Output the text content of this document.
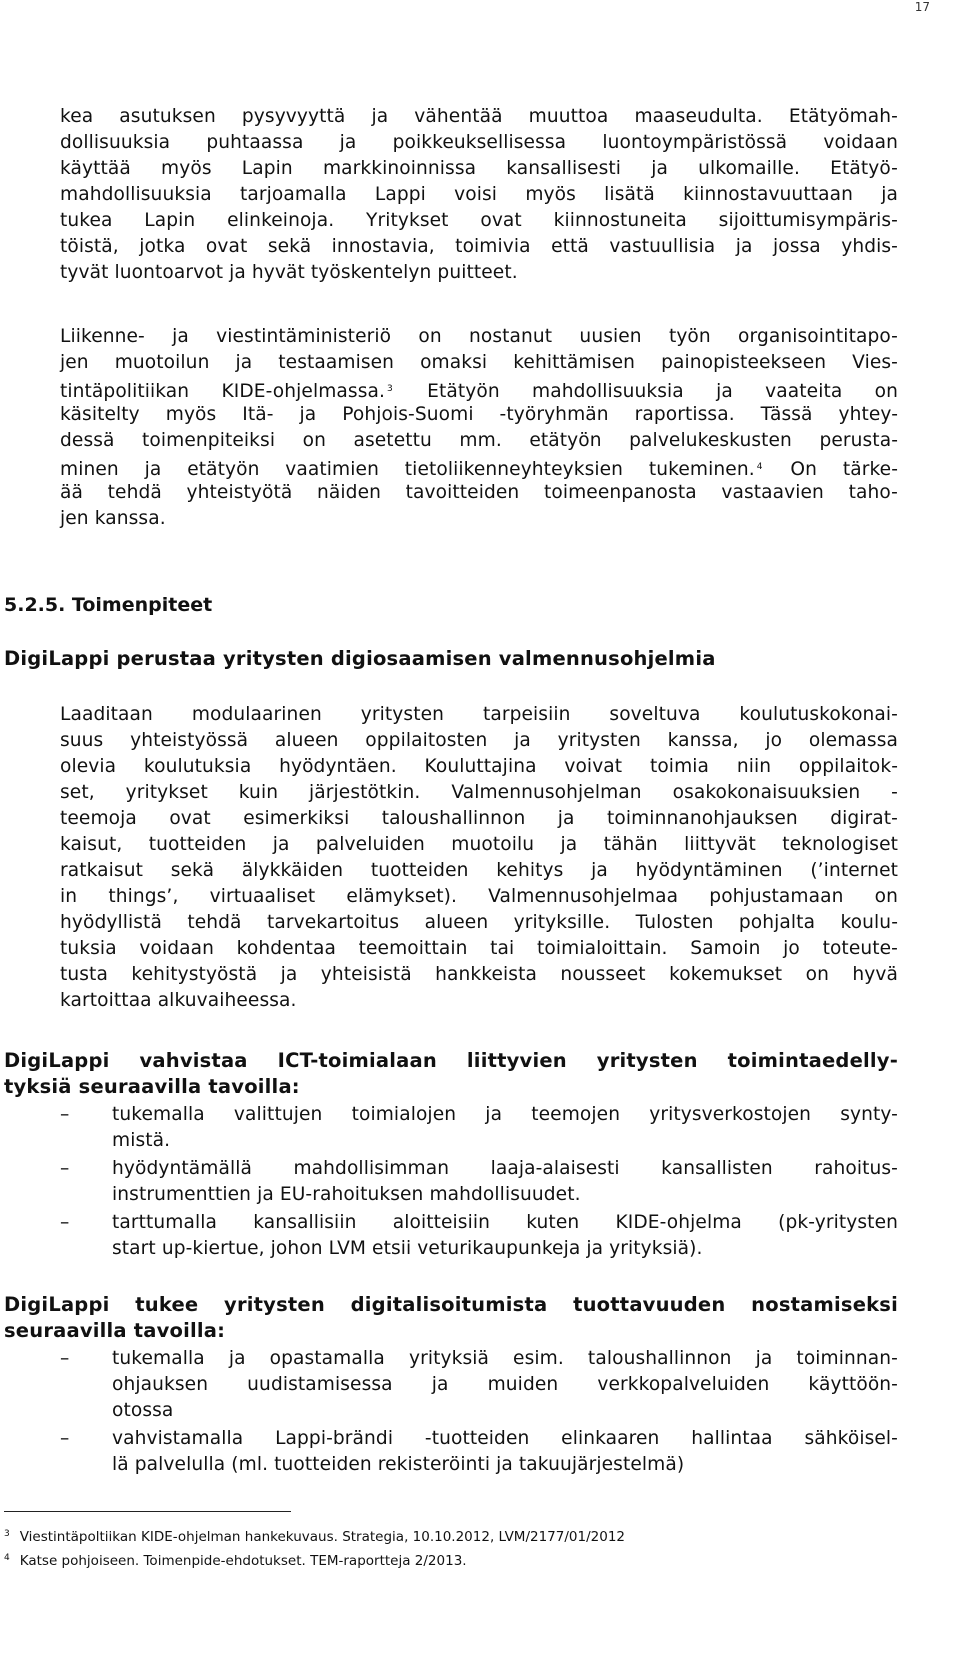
17
kea asutuksen pysyvyyttä ja vähentää muuttoa maaseudulta. Etätyömah-
dollisuuksia puhtaassa ja poikkeuksellisessa luontoympäristössä voidaan
käyttää myös Lapin markkinoinnissa kansallisesti ja ulkomaille. Etätyö-
mahdollisuuksia tarjoamalla Lappi voisi myös lisätä kiinnostavuuttaan ja
tukea Lapin elinkeinoja. Yritykset ovat kiinnostuneita sijoittumisympäris-
töistä, jotka ovat sekä innostavia, toimivia että vastuullisia ja jossa yhdis-
tyvät luontoarvot ja hyvät työskentelyn puitteet.
Liikenne- ja viestintäministeriö on nostanut uusien työn organisointitapo-
jen muotoilun ja testaamisen omaksi kehittämisen painopisteekseen Vies-
tintäpolitiikan KIDE-ohjelmassa. $^3$ Etätyön mahdollisuuksia ja vaateita on
käsitelty myös Itä- ja Pohjois-Suomi -työryhmän raportissa. Tässä yhtey-
dessä toimenpiteiksi on asetettu mm. etätyön palvelukeskusten perusta-
minen ja etätyön vaatimien tietoliikenneyhteyksien tukeminen. $^4$ On tärke-
ää tehdä yhteistyötä näiden tavoitteiden toimeenpanosta vastaavien taho-
jen kanssa.
5.2.5. Toimenpiteet
DigiLappi perustaa yritysten digiosaamisen valmennusohjelmia
Laaditaan modulaarinen yritysten tarpeisiin soveltuva koulutuskokonai-
suus yhteistyössä alueen oppilaitosten ja yritysten kanssa, jo olemassa
olevia koulutuksia hyödyntäen. Kouluttajina voivat toimia niin oppilaitok-
set, yritykset kuin järjestötkin. Valmennusohjelman osakokonaisuuksien -
teemoja ovat esimerkiksi taloushallinnon ja toiminnanohjauksen digirat-
kaisut, tuotteiden ja palveluiden muotoilu ja tähän liittyvät teknologiset
ratkaisut sekä älykkäiden tuotteiden kehitys ja hyödyntäminen (’internet
in things’, virtuaaliset elämykset). Valmennusohjelmaa pohjustamaan on
hyödyllistä tehdä tarvekartoitus alueen yrityksille. Tulosten pohjalta koulu-
tuksia voidaan kohdentaa teemoittain tai toimialoittain. Samoin jo toteute-
tusta kehitystyöstä ja yhteisistä hankkeista nousseet kokemukset on hyvä
kartoittaa alkuvaiheessa.
DigiLappi vahvistaa ICT-toimialaan liittyvien yritysten toimintaedelly-
tyksiä seuraavilla tavoilla:
–	tukemalla valittujen toimialojen ja teemojen yritysverkostojen synty-
mistä.
–	hyödyntämällä mahdollisimman laaja-alaisesti kansallisten rahoitus-
instrumenttien ja EU-rahoituksen mahdollisuudet.
–	tarttumalla kansallisiin aloitteisiin kuten KIDE-ohjelma (pk-yritysten
start up-kiertue, johon LVM etsii veturikaupunkeja ja yrityksiä).
DigiLappi tukee yritysten digitalisoitumista tuottavuuden nostamiseksi
seuraavilla tavoilla:
–	tukemalla ja opastamalla yrityksiä esim. taloushallinnon ja toiminnan-
ohjauksen uudistamisessa ja muiden verkkopalveluiden käyttöön-
otossa
–	vahvistamalla Lappi-brändi -tuotteiden elinkaaren hallintaa sähköisel-
lä palvelulla (ml. tuotteiden rekisteröinti ja takuujärjestelmä)
$^3$ Viestintäpoltiikan KIDE-ohjelman hankekuvaus. Strategia, 10.10.2012, LVM/2177/01/2012
$^4$ Katse pohjoiseen. Toimenpide-ehdotukset. TEM-raportteja 2/2013.
